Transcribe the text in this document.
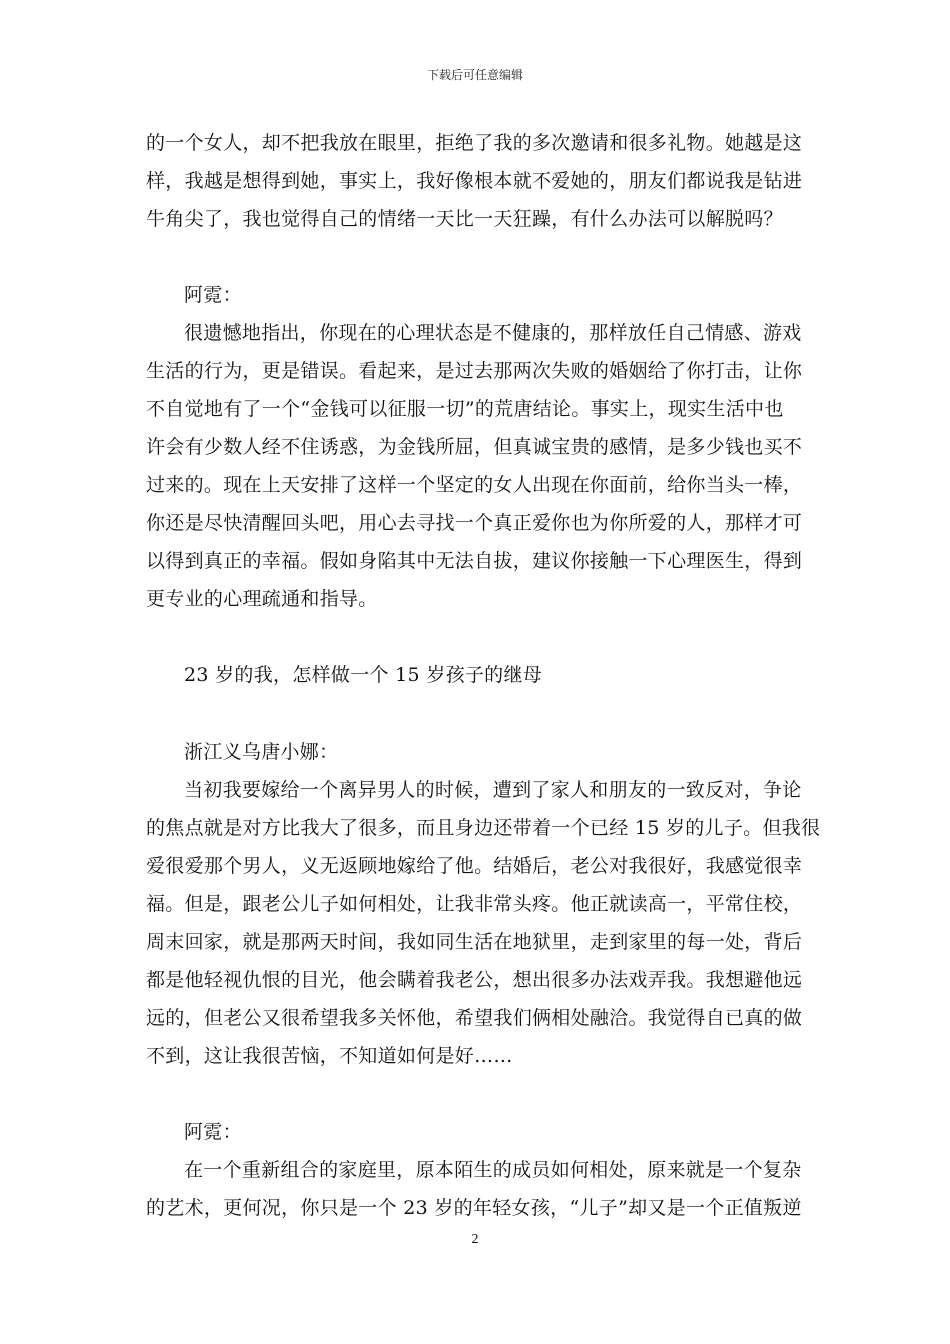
下载后可任意编辑
的一个女人，却不把我放在眼里，拒绝了我的多次邀请和很多礼物。她越是这
样，我越是想得到她，事实上，我好像根本就不爱她的，朋友们都说我是钻进
牛角尖了，我也觉得自己的情绪一天比一天狂躁，有什么办法可以解脱吗？
阿霓：
很遗憾地指出，你现在的心理状态是不健康的，那样放任自己情感、游戏
生活的行为，更是错误。看起来，是过去那两次失败的婚姻给了你打击，让你
不自觉地有了一个“金钱可以征服一切”的荒唐结论。事实上，现实生活中也
许会有少数人经不住诱惑，为金钱所屈，但真诚宝贵的感情，是多少钱也买不
过来的。现在上天安排了这样一个坚定的女人出现在你面前，给你当头一棒，
你还是尽快清醒回头吧，用心去寻找一个真正爱你也为你所爱的人，那样才可
以得到真正的幸福。假如身陷其中无法自拔，建议你接触一下心理医生，得到
更专业的心理疏通和指导。
23 岁的我，怎样做一个 15 岁孩子的继母
浙江义乌唐小娜：
当初我要嫁给一个离异男人的时候，遭到了家人和朋友的一致反对，争论
的焦点就是对方比我大了很多，而且身边还带着一个已经 15 岁的儿子。但我很
爱很爱那个男人，义无返顾地嫁给了他。结婚后，老公对我很好，我感觉很幸
福。但是，跟老公儿子如何相处，让我非常头疼。他正就读高一，平常住校，
周末回家，就是那两天时间，我如同生活在地狱里，走到家里的每一处，背后
都是他轻视仇恨的目光，他会瞒着我老公，想出很多办法戏弄我。我想避他远
远的，但老公又很希望我多关怀他，希望我们俩相处融洽。我觉得自已真的做
不到，这让我很苦恼，不知道如何是好……
阿霓：
在一个重新组合的家庭里，原本陌生的成员如何相处，原来就是一个复杂
的艺术，更何况，你只是一个 23 岁的年轻女孩，“儿子”却又是一个正值叛逆
2
